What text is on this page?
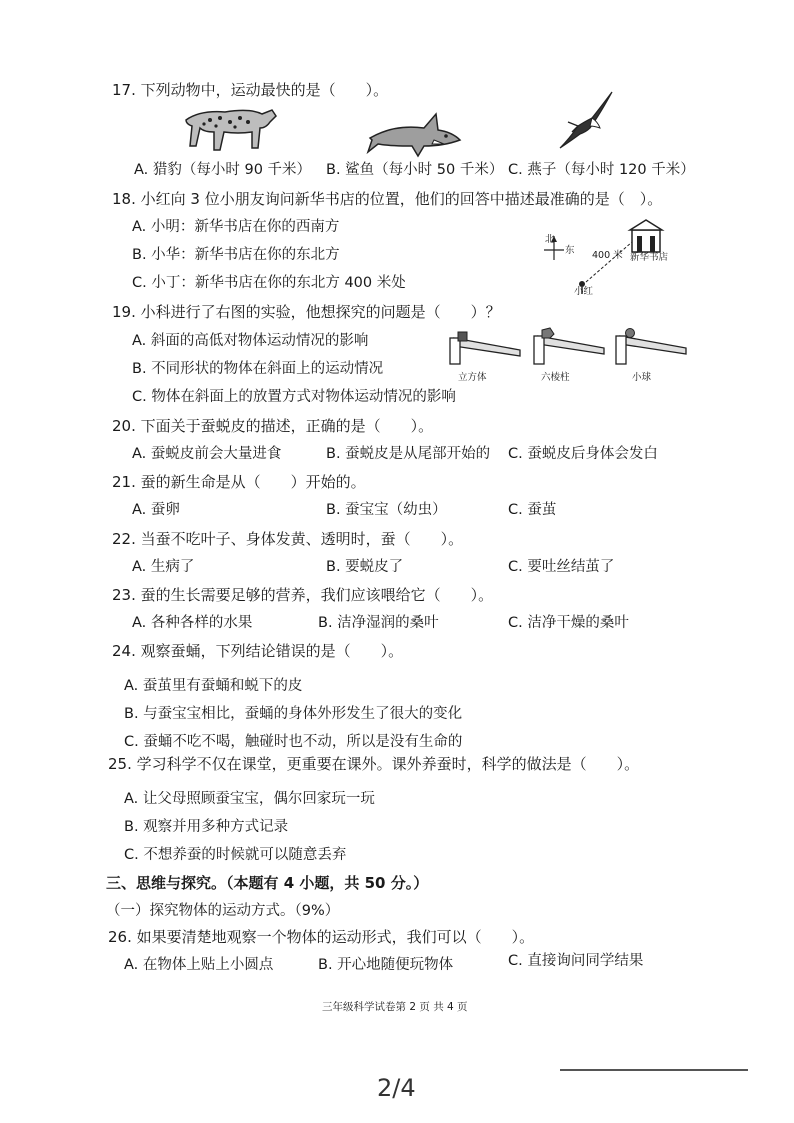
17. 下列动物中，运动最快的是（　　）。
A. 猎豹（每小时 90 千米） B. 鲨鱼（每小时 50 千米） C. 燕子（每小时 120 千米）
18. 小红向 3 位小朋友询问新华书店的位置，他们的回答中描述最准确的是（　）。
A. 小明：新华书店在你的西南方
B. 小华：新华书店在你的东北方
C. 小丁：新华书店在你的东北方 400 米处
北
东 400 米 新华书店
小红
19. 小科进行了右图的实验，他想探究的问题是（　　）？
A. 斜面的高低对物体运动情况的影响
B. 不同形状的物体在斜面上的运动情况
C. 物体在斜面上的放置方式对物体运动情况的影响
立方体	六棱柱	小球
20. 下面关于蚕蜕皮的描述，正确的是（　　）。
A. 蚕蜕皮前会大量进食	B. 蚕蜕皮是从尾部开始的 C. 蚕蜕皮后身体会发白
21. 蚕的新生命是从（　　）开始的。
A. 蚕卵	B. 蚕宝宝（幼虫）	C. 蚕茧
22. 当蚕不吃叶子、身体发黄、透明时，蚕（　　）。
A. 生病了	B. 要蜕皮了	C. 要吐丝结茧了
23. 蚕的生长需要足够的营养，我们应该喂给它（　　）。
A. 各种各样的水果	B. 洁净湿润的桑叶	C. 洁净干燥的桑叶
24. 观察蚕蛹，下列结论错误的是（　　）。
A. 蚕茧里有蚕蛹和蜕下的皮
B. 与蚕宝宝相比，蚕蛹的身体外形发生了很大的变化
C. 蚕蛹不吃不喝，触碰时也不动，所以是没有生命的
25. 学习科学不仅在课堂，更重要在课外。课外养蚕时，科学的做法是（　　）。
A. 让父母照顾蚕宝宝，偶尔回家玩一玩
B. 观察并用多种方式记录
C. 不想养蚕的时候就可以随意丢弃
三、思维与探究。（本题有 4 小题，共 50 分。）
（一）探究物体的运动方式。（9%）
26. 如果要清楚地观察一个物体的运动形式，我们可以（　　）。
A. 在物体上贴上小圆点	B. 开心地随便玩物体	C. 直接询问同学结果
三年级科学试卷第 2 页 共 4 页
2/4
